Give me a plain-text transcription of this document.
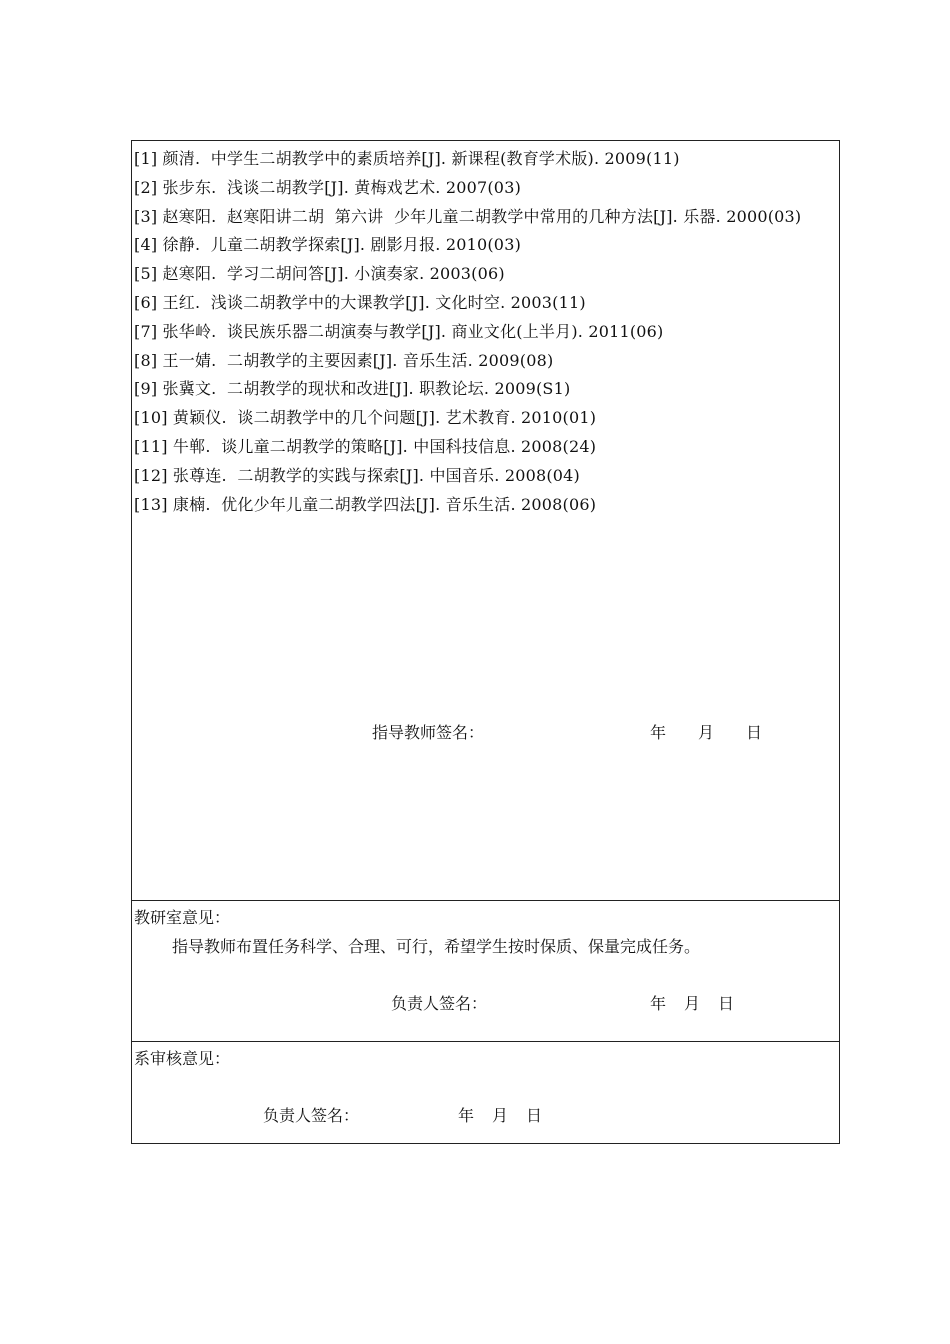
[1] 颜清.  中学生二胡教学中的素质培养[J]. 新课程(教育学术版). 2009(11)
[2] 张步东.  浅谈二胡教学[J]. 黄梅戏艺术. 2007(03)
[3] 赵寒阳.  赵寒阳讲二胡  第六讲  少年儿童二胡教学中常用的几种方法[J]. 乐器. 2000(03)
[4] 徐静.  儿童二胡教学探索[J]. 剧影月报. 2010(03)
[5] 赵寒阳.  学习二胡问答[J]. 小演奏家. 2003(06)
[6] 王红.  浅谈二胡教学中的大课教学[J]. 文化时空. 2003(11)
[7] 张华岭.  谈民族乐器二胡演奏与教学[J]. 商业文化(上半月). 2011(06)
[8] 王一婧.  二胡教学的主要因素[J]. 音乐生活. 2009(08)
[9] 张冀文.  二胡教学的现状和改进[J]. 职教论坛. 2009(S1)
[10] 黄颖仪.  谈二胡教学中的几个问题[J]. 艺术教育. 2010(01)
[11] 牛郸.  谈儿童二胡教学的策略[J]. 中国科技信息. 2008(24)
[12] 张尊连.  二胡教学的实践与探索[J]. 中国音乐. 2008(04)
[13] 康楠.  优化少年儿童二胡教学四法[J]. 音乐生活. 2008(06)
指导教师签名：	年 月 日
教研室意见：
指导教师布置任务科学、合理、可行，希望学生按时保质、保量完成任务。
负责人签名：	年 月 日
系审核意见：
负责人签名：	年 月 日
